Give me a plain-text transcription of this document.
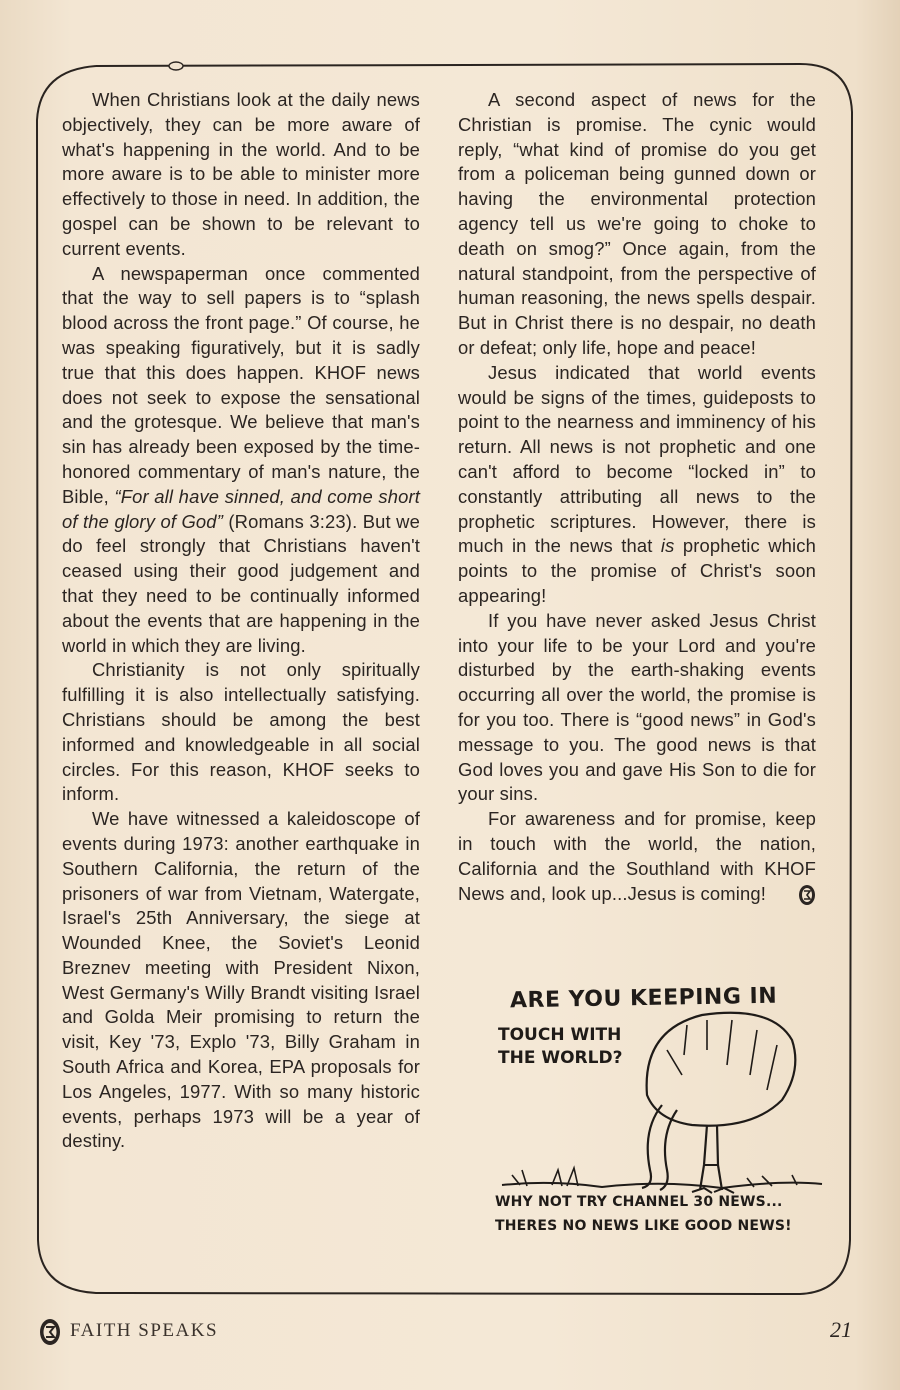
When Christians look at the daily news objectively, they can be more aware of what's happening in the world. And to be more aware is to be able to minister more effectively to those in need. In addition, the gospel can be shown to be relevant to current events.

A newspaperman once commented that the way to sell papers is to “splash blood across the front page.” Of course, he was speaking figuratively, but it is sadly true that this does happen. KHOF news does not seek to expose the sensational and the grotesque. We believe that man's sin has already been exposed by the time-honored commentary of man's nature, the Bible, “For all have sinned, and come short of the glory of God” (Romans 3:23). But we do feel strongly that Christians haven't ceased using their good judgement and that they need to be continually informed about the events that are happening in the world in which they are living.

Christianity is not only spiritually fulfilling it is also intellectually satisfying. Christians should be among the best informed and knowledgeable in all social circles. For this reason, KHOF seeks to inform.

We have witnessed a kaleidoscope of events during 1973: another earthquake in Southern California, the return of the prisoners of war from Vietnam, Watergate, Israel's 25th Anniversary, the siege at Wounded Knee, the Soviet's Leonid Breznev meeting with President Nixon, West Germany's Willy Brandt visiting Israel and Golda Meir promising to return the visit, Key '73, Explo '73, Billy Graham in South Africa and Korea, EPA proposals for Los Angeles, 1977. With so many historic events, perhaps 1973 will be a year of destiny.

A second aspect of news for the Christian is promise. The cynic would reply, “what kind of promise do you get from a policeman being gunned down or having the environmental protection agency tell us we're going to choke to death on smog?” Once again, from the natural standpoint, from the perspective of human reasoning, the news spells despair. But in Christ there is no despair, no death or defeat; only life, hope and peace!

Jesus indicated that world events would be signs of the times, guideposts to point to the nearness and imminency of his return. All news is not prophetic and one can't afford to become “locked in” to constantly attributing all news to the prophetic scriptures. However, there is much in the news that is prophetic which points to the promise of Christ's soon appearing!

If you have never asked Jesus Christ into your life to be your Lord and you're disturbed by the earth-shaking events occurring all over the world, the promise is for you too. There is “good news” in God's message to you. The good news is that God loves you and gave His Son to die for your sins.

For awareness and for promise, keep in touch with the world, the nation, California and the Southland with KHOF News and, look up...Jesus is coming!

ARE YOU KEEPING IN
TOUCH WITH
THE WORLD?
WHY NOT TRY CHANNEL 30 NEWS...
THERES NO NEWS LIKE GOOD NEWS!
FAITH SPEAKS	21
